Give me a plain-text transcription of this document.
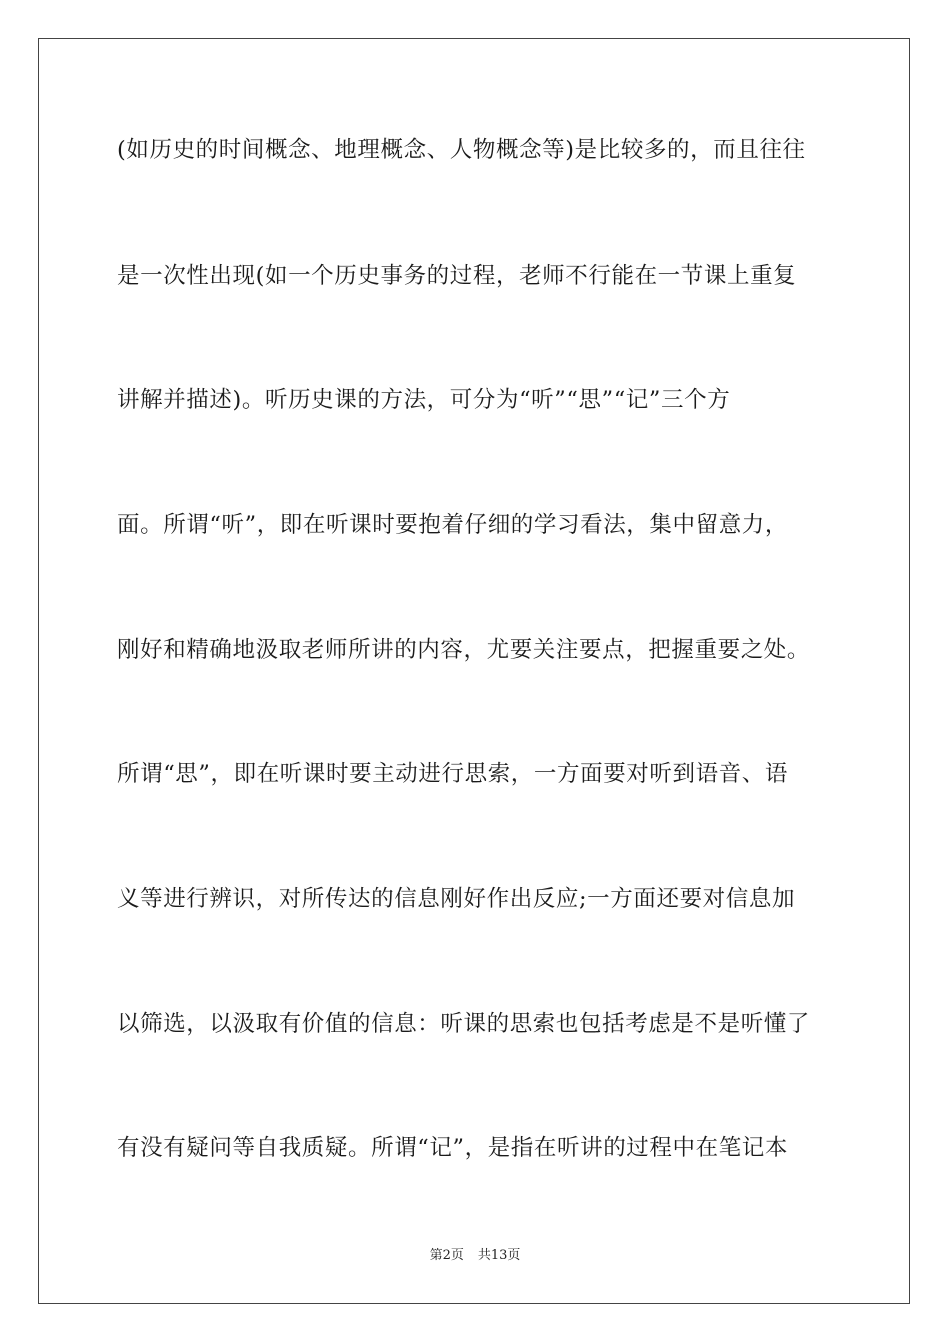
(如历史的时间概念、地理概念、人物概念等)是比较多的，而且往往
是一次性出现(如一个历史事务的过程，老师不行能在一节课上重复
讲解并描述)。听历史课的方法，可分为“听”“思”“记”三个方
面。所谓“听”，即在听课时要抱着仔细的学习看法，集中留意力，
刚好和精确地汲取老师所讲的内容，尤要关注要点，把握重要之处。
所谓“思”，即在听课时要主动进行思索，一方面要对听到语音、语
义等进行辨识，对所传达的信息刚好作出反应;一方面还要对信息加
以筛选，以汲取有价值的信息：听课的思索也包括考虑是不是听懂了
有没有疑问等自我质疑。所谓“记”，是指在听讲的过程中在笔记本
第2页 共13页
